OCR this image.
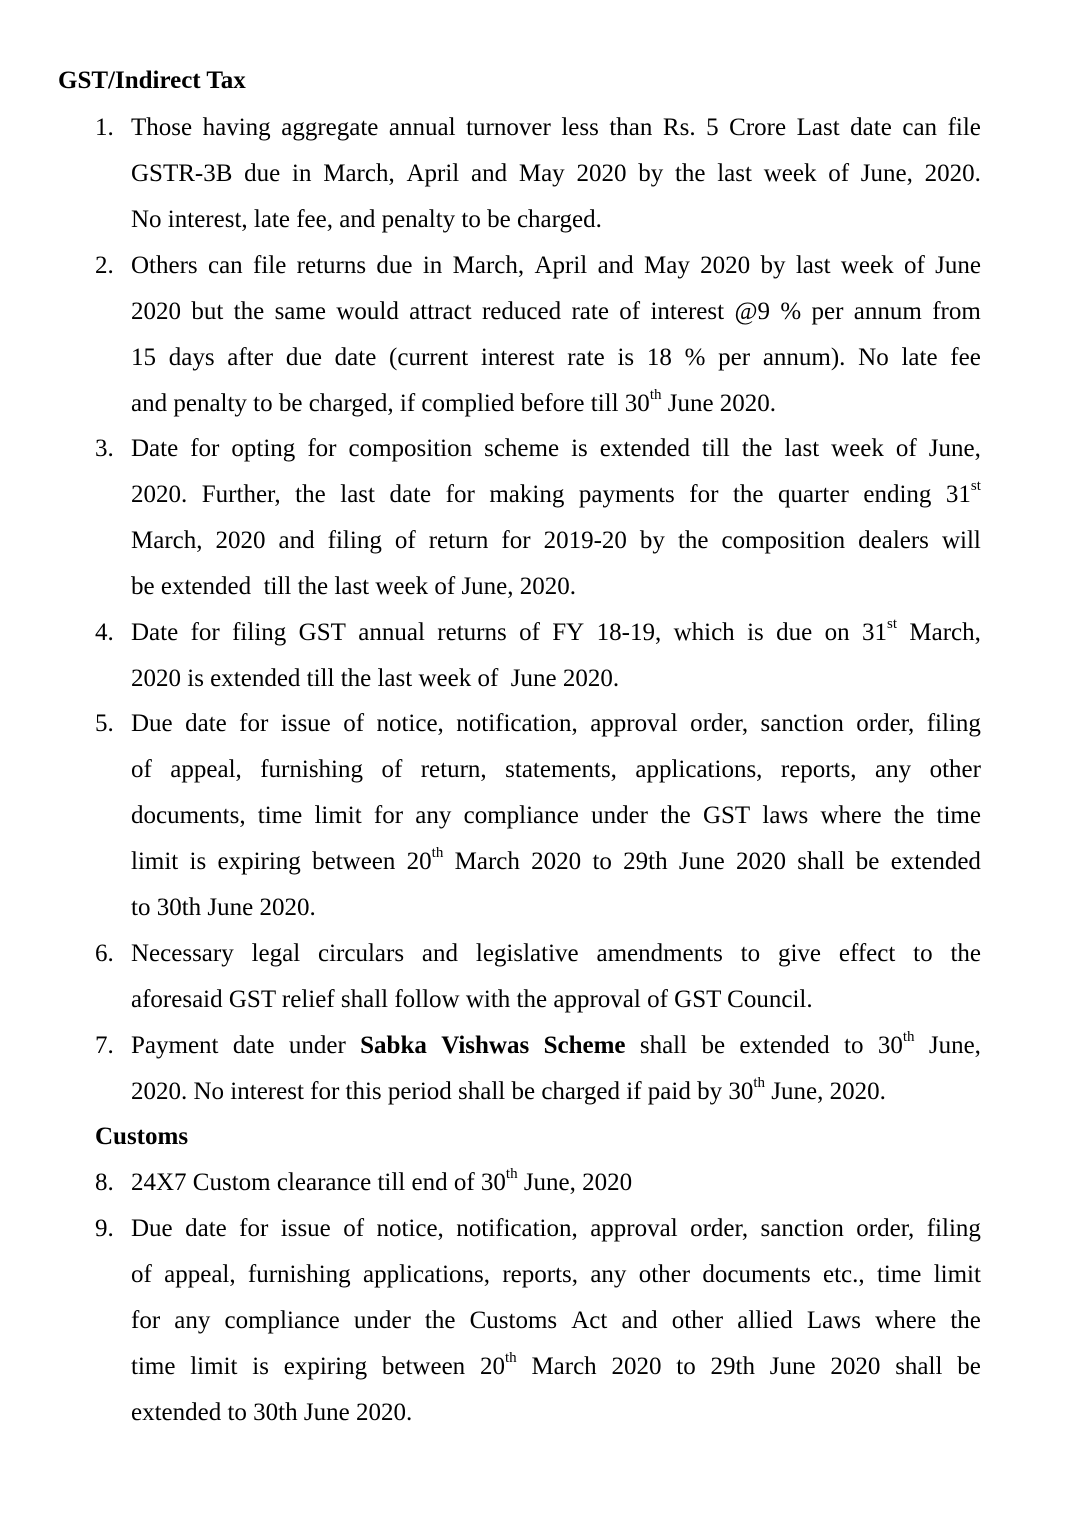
GST/Indirect Tax
Customs
1. Those having aggregate annual turnover less than Rs. 5 Crore Last date can file
GSTR-3B due in March, April and May 2020 by the last week of June, 2020.
No interest, late fee, and penalty to be charged.
2. Others can file returns due in March, April and May 2020 by last week of June
2020 but the same would attract reduced rate of interest @9 % per annum from
15 days after due date (current interest rate is 18 % per annum). No late fee
and penalty to be charged, if complied before till 30th June 2020.
3. Date for opting for composition scheme is extended till the last week of June,
2020. Further, the last date for making payments for the quarter ending 31st
March, 2020 and filing of return for 2019-20 by the composition dealers will
be extended  till the last week of June, 2020.
4. Date for filing GST annual returns of FY 18-19, which is due on 31st March,
2020 is extended till the last week of  June 2020.
5. Due date for issue of notice, notification, approval order, sanction order, filing
of appeal, furnishing of return, statements, applications, reports, any other
documents, time limit for any compliance under the GST laws where the time
limit is expiring between 20th March 2020 to 29th June 2020 shall be extended
to 30th June 2020.
6. Necessary legal circulars and legislative amendments to give effect to the
aforesaid GST relief shall follow with the approval of GST Council.
7. Payment date under Sabka Vishwas Scheme shall be extended to 30th June,
2020. No interest for this period shall be charged if paid by 30th June, 2020.
8. 24X7 Custom clearance till end of 30th June, 2020
9. Due date for issue of notice, notification, approval order, sanction order, filing
of appeal, furnishing applications, reports, any other documents etc., time limit
for any compliance under the Customs Act and other allied Laws where the
time limit is expiring between 20th March 2020 to 29th June 2020 shall be
extended to 30th June 2020.
